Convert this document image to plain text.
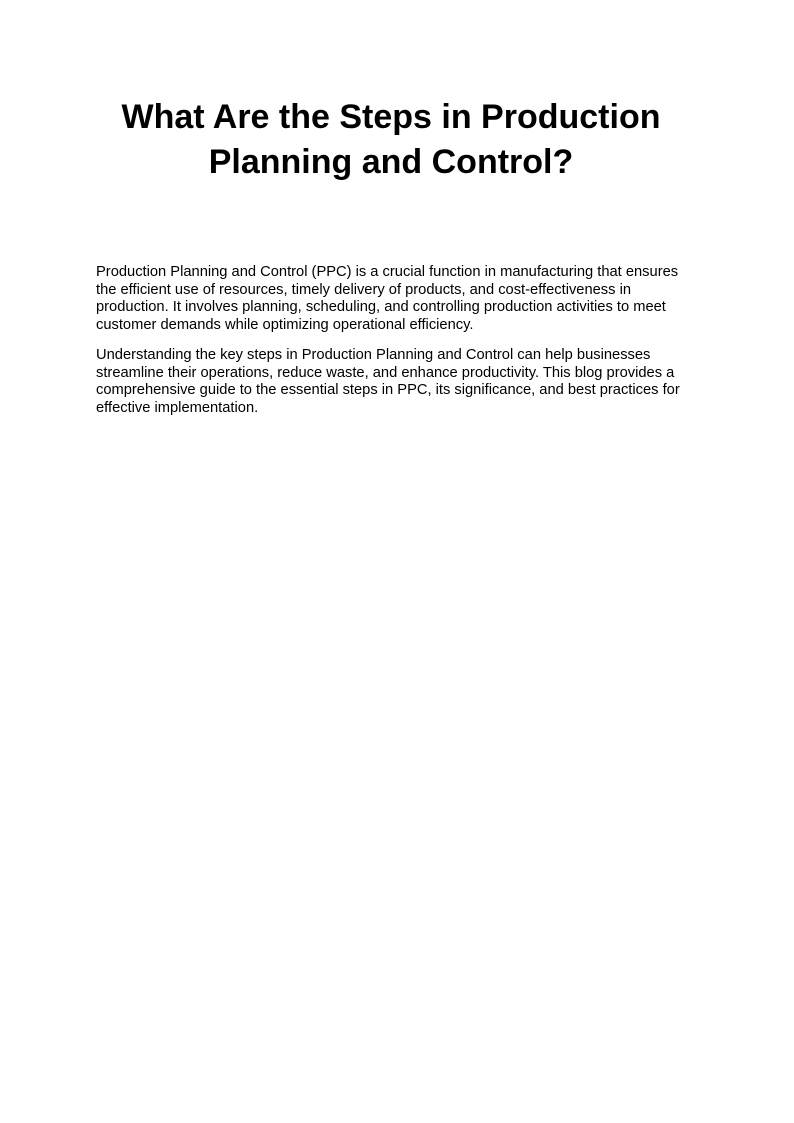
What Are the Steps in Production
Planning and Control?

Production Planning and Control (PPC) is a crucial function in manufacturing that ensures
the efficient use of resources, timely delivery of products, and cost-effectiveness in
production. It involves planning, scheduling, and controlling production activities to meet
customer demands while optimizing operational efficiency.

Understanding the key steps in Production Planning and Control can help businesses
streamline their operations, reduce waste, and enhance productivity. This blog provides a
comprehensive guide to the essential steps in PPC, its significance, and best practices for
effective implementation.
